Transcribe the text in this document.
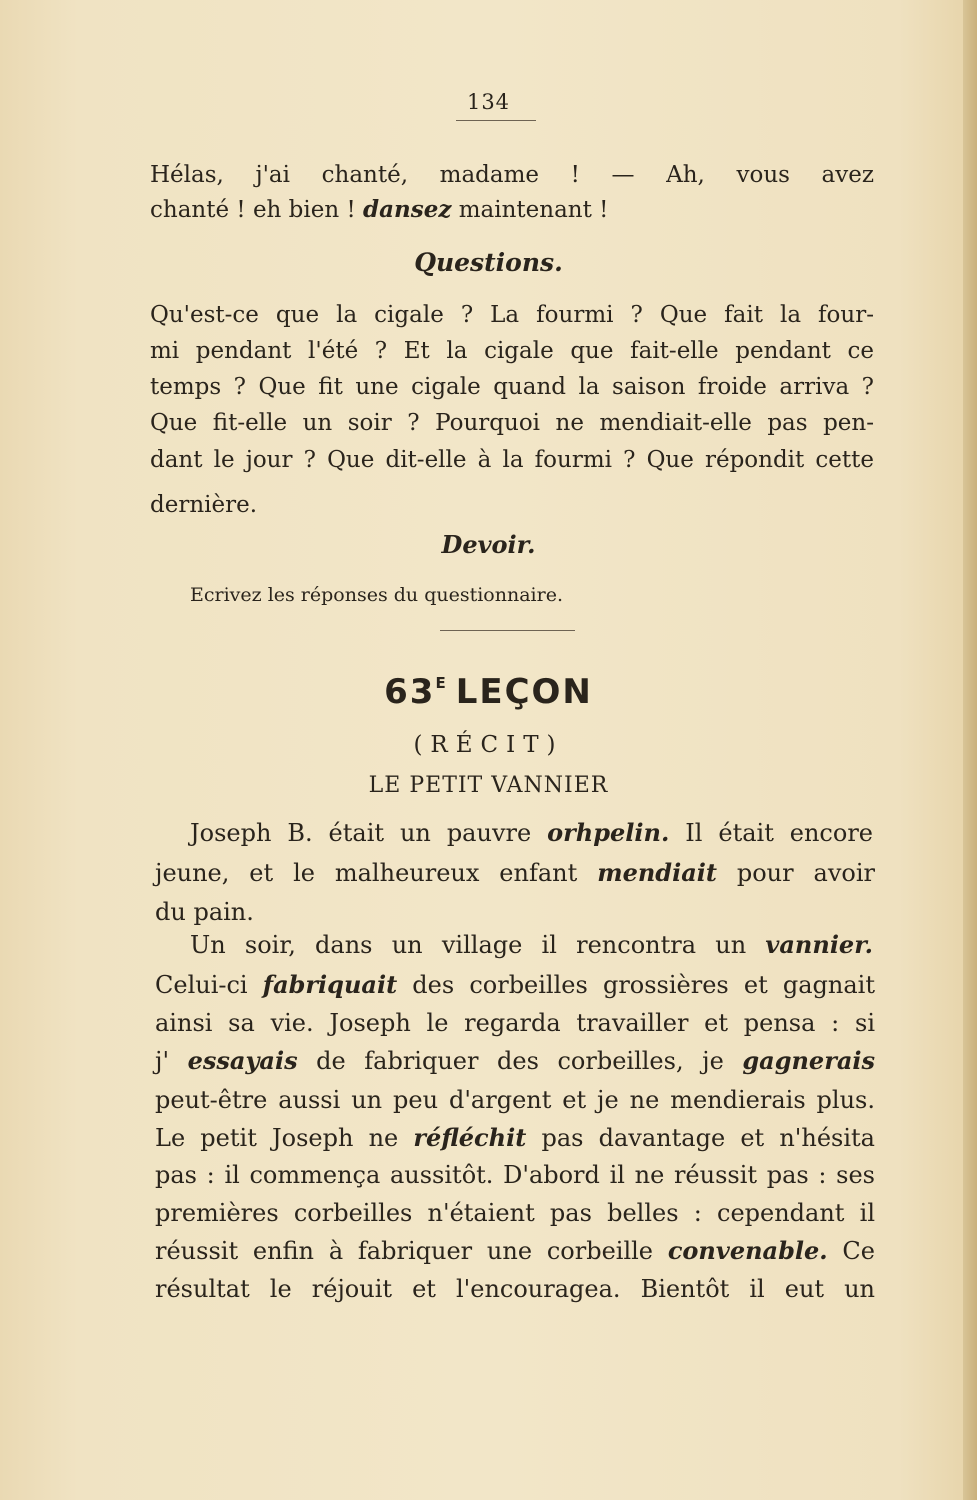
134
Hélas, j'ai chanté, madame ! — Ah, vous avez
chanté ! eh bien ! dansez maintenant !
Questions.
Qu'est-ce que la cigale ? La fourmi ? Que fait la four-
mi pendant l'été ? Et la cigale que fait-elle pendant ce
temps ? Que fit une cigale quand la saison froide arriva ?
Que fit-elle un soir ? Pourquoi ne mendiait-elle pas pen-
dant le jour ? Que dit-elle à la fourmi ? Que répondit cette
dernière.
Devoir.
Ecrivez les réponses du questionnaire.
$63^E$ LEÇON
(RÉCIT)
LE PETIT VANNIER
Joseph B. était un pauvre orhpelin. Il était encore
jeune, et le malheureux enfant mendiait pour avoir
du pain.
Un soir, dans un village il rencontra un vannier.
Celui-ci fabriquait des corbeilles grossières et gagnait
ainsi sa vie. Joseph le regarda travailler et pensa : si
j' essayais de fabriquer des corbeilles, je gagnerais
peut-être aussi un peu d'argent et je ne mendierais plus.
Le petit Joseph ne réfléchit pas davantage et n'hésita
pas : il commença aussitôt. D'abord il ne réussit pas : ses
premières corbeilles n'étaient pas belles : cependant il
réussit enfin à fabriquer une corbeille convenable. Ce
résultat le réjouit et l'encouragea. Bientôt il eut un
